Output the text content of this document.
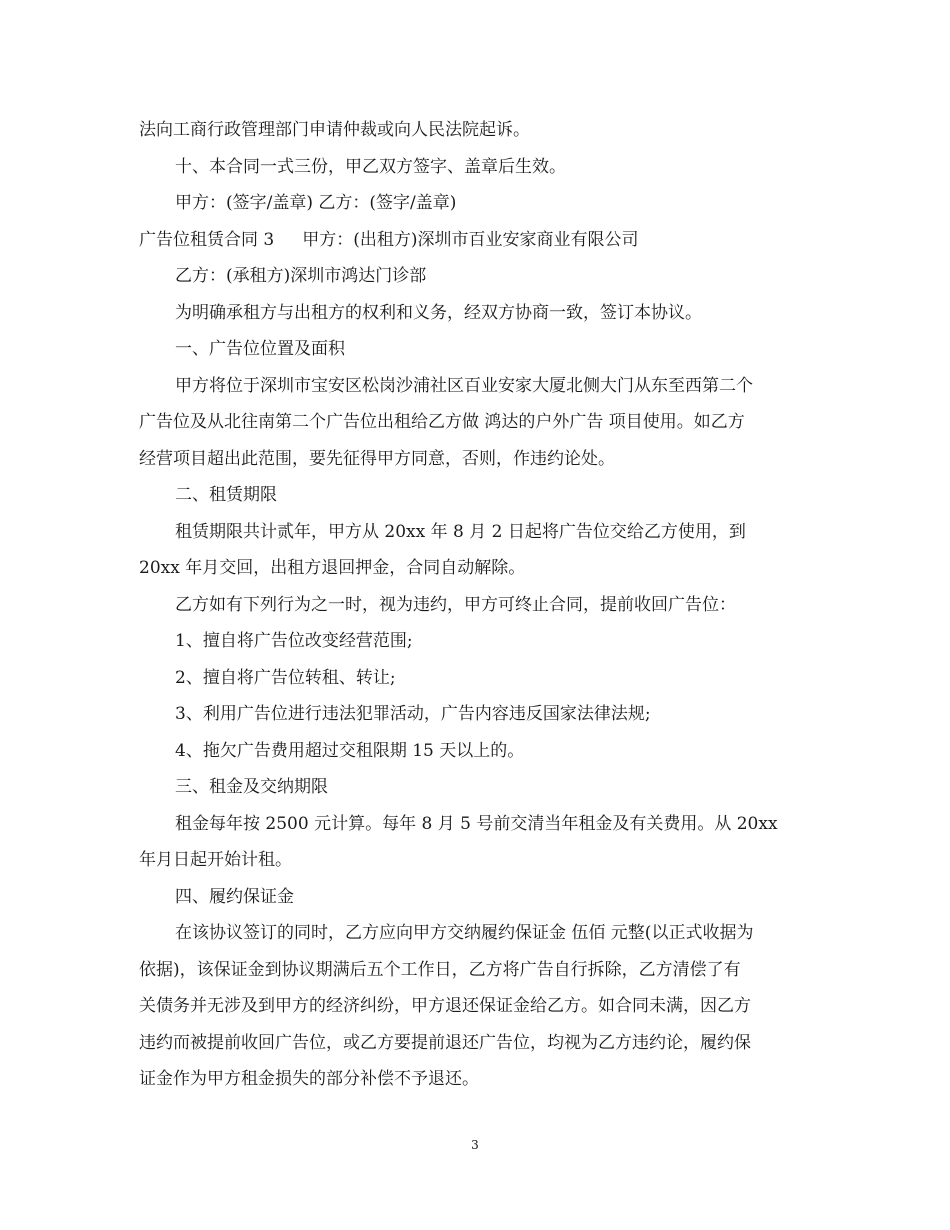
法向工商行政管理部门申请仲裁或向人民法院起诉。
十、本合同一式三份，甲乙双方签字、盖章后生效。
甲方：(签字/盖章) 乙方：(签字/盖章)
广告位租赁合同 3 甲方：(出租方)深圳市百业安家商业有限公司
乙方：(承租方)深圳市鸿达门诊部
为明确承租方与出租方的权利和义务，经双方协商一致，签订本协议。
一、广告位位置及面积
甲方将位于深圳市宝安区松岗沙浦社区百业安家大厦北侧大门从东至西第二个
广告位及从北往南第二个广告位出租给乙方做 鸿达的户外广告 项目使用。如乙方
经营项目超出此范围，要先征得甲方同意，否则，作违约论处。
二、租赁期限
租赁期限共计贰年，甲方从 20xx 年 8 月 2 日起将广告位交给乙方使用，到
20xx 年月交回，出租方退回押金，合同自动解除。
乙方如有下列行为之一时，视为违约，甲方可终止合同，提前收回广告位：
1、擅自将广告位改变经营范围;
2、擅自将广告位转租、转让;
3、利用广告位进行违法犯罪活动，广告内容违反国家法律法规;
4、拖欠广告费用超过交租限期 15 天以上的。
三、租金及交纳期限
租金每年按 2500 元计算。每年 8 月 5 号前交清当年租金及有关费用。从 20xx
年月日起开始计租。
四、履约保证金
在该协议签订的同时，乙方应向甲方交纳履约保证金 伍佰 元整(以正式收据为
依据)，该保证金到协议期满后五个工作日，乙方将广告自行拆除，乙方清偿了有
关债务并无涉及到甲方的经济纠纷，甲方退还保证金给乙方。如合同未满，因乙方
违约而被提前收回广告位，或乙方要提前退还广告位，均视为乙方违约论，履约保
证金作为甲方租金损失的部分补偿不予退还。
3
